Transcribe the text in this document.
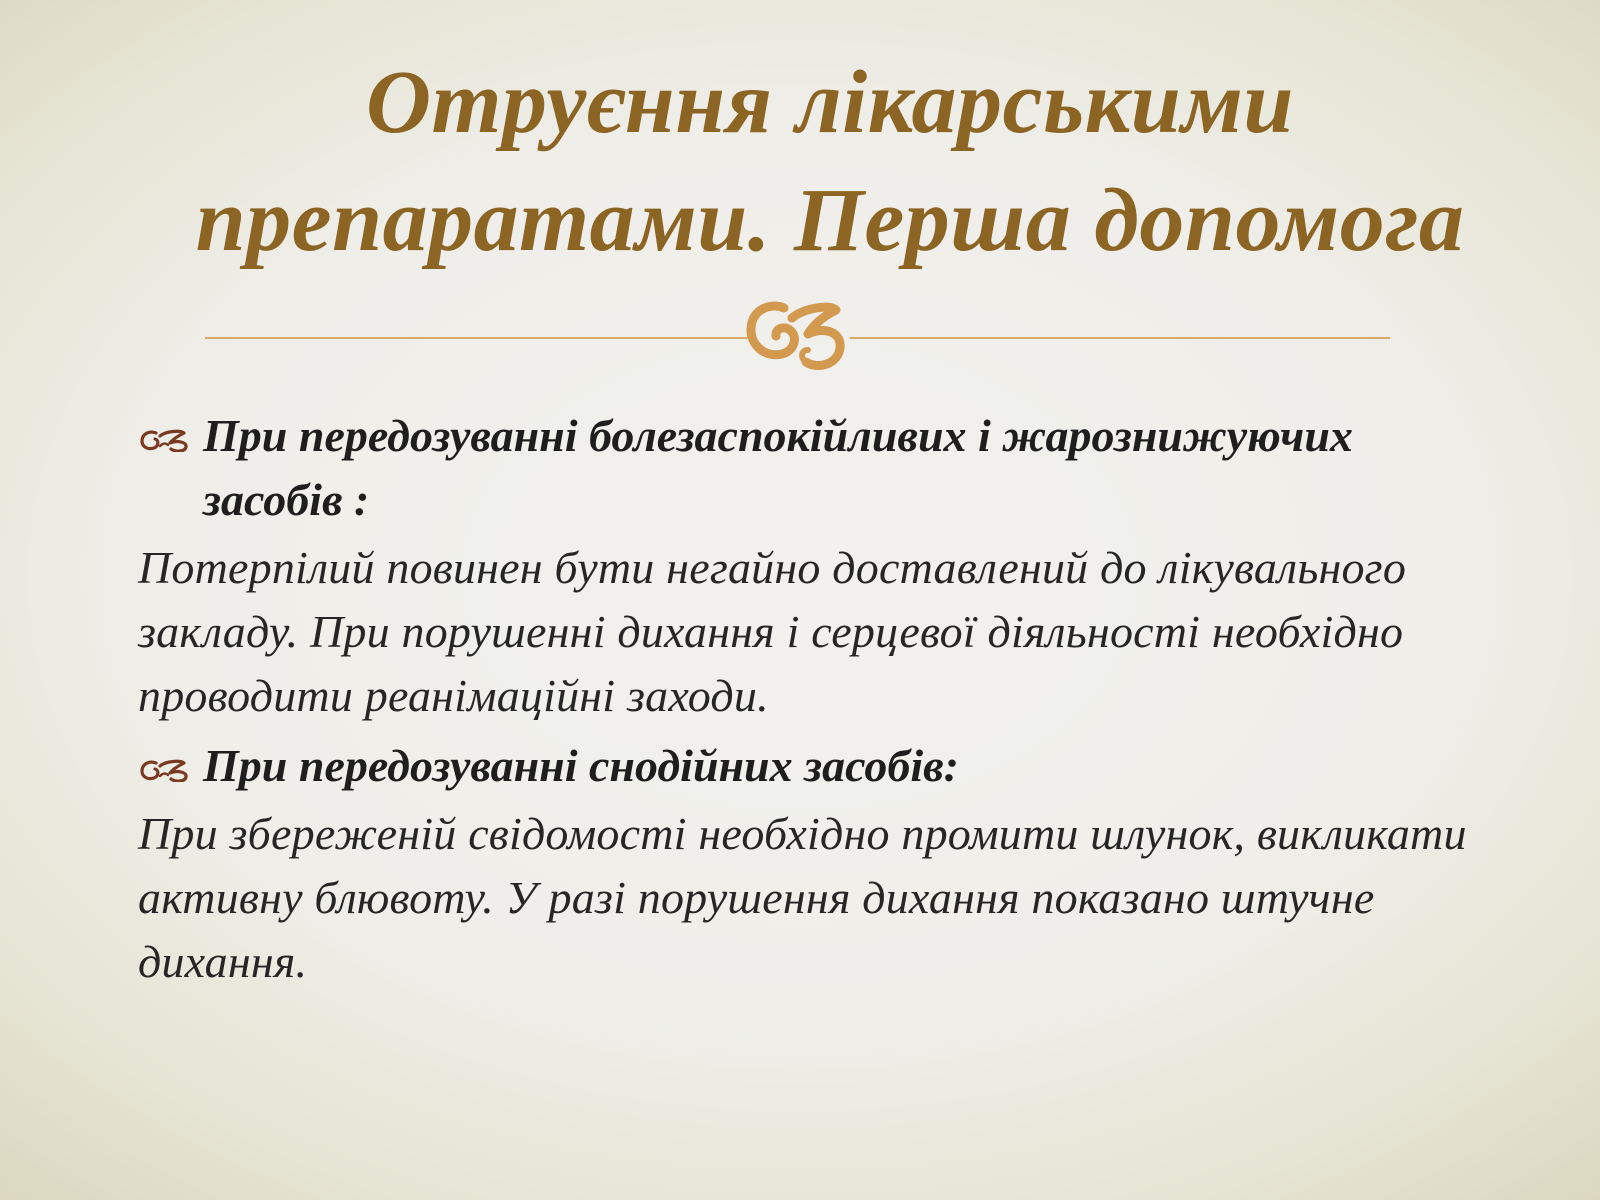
Отруєння лікарськими препаратами. Перша допомога
При передозуванні болезаспокійливих і жарознижуючих засобів :

Потерпілий повинен бути негайно доставлений до лікувального закладу. При порушенні дихання і серцевої діяльності необхідно проводити реанімаційні заходи.

При передозуванні снодійних засобів:

При збереженій свідомості необхідно промити шлунок, викликати активну блювоту. У разі порушення дихання показано штучне дихання.
